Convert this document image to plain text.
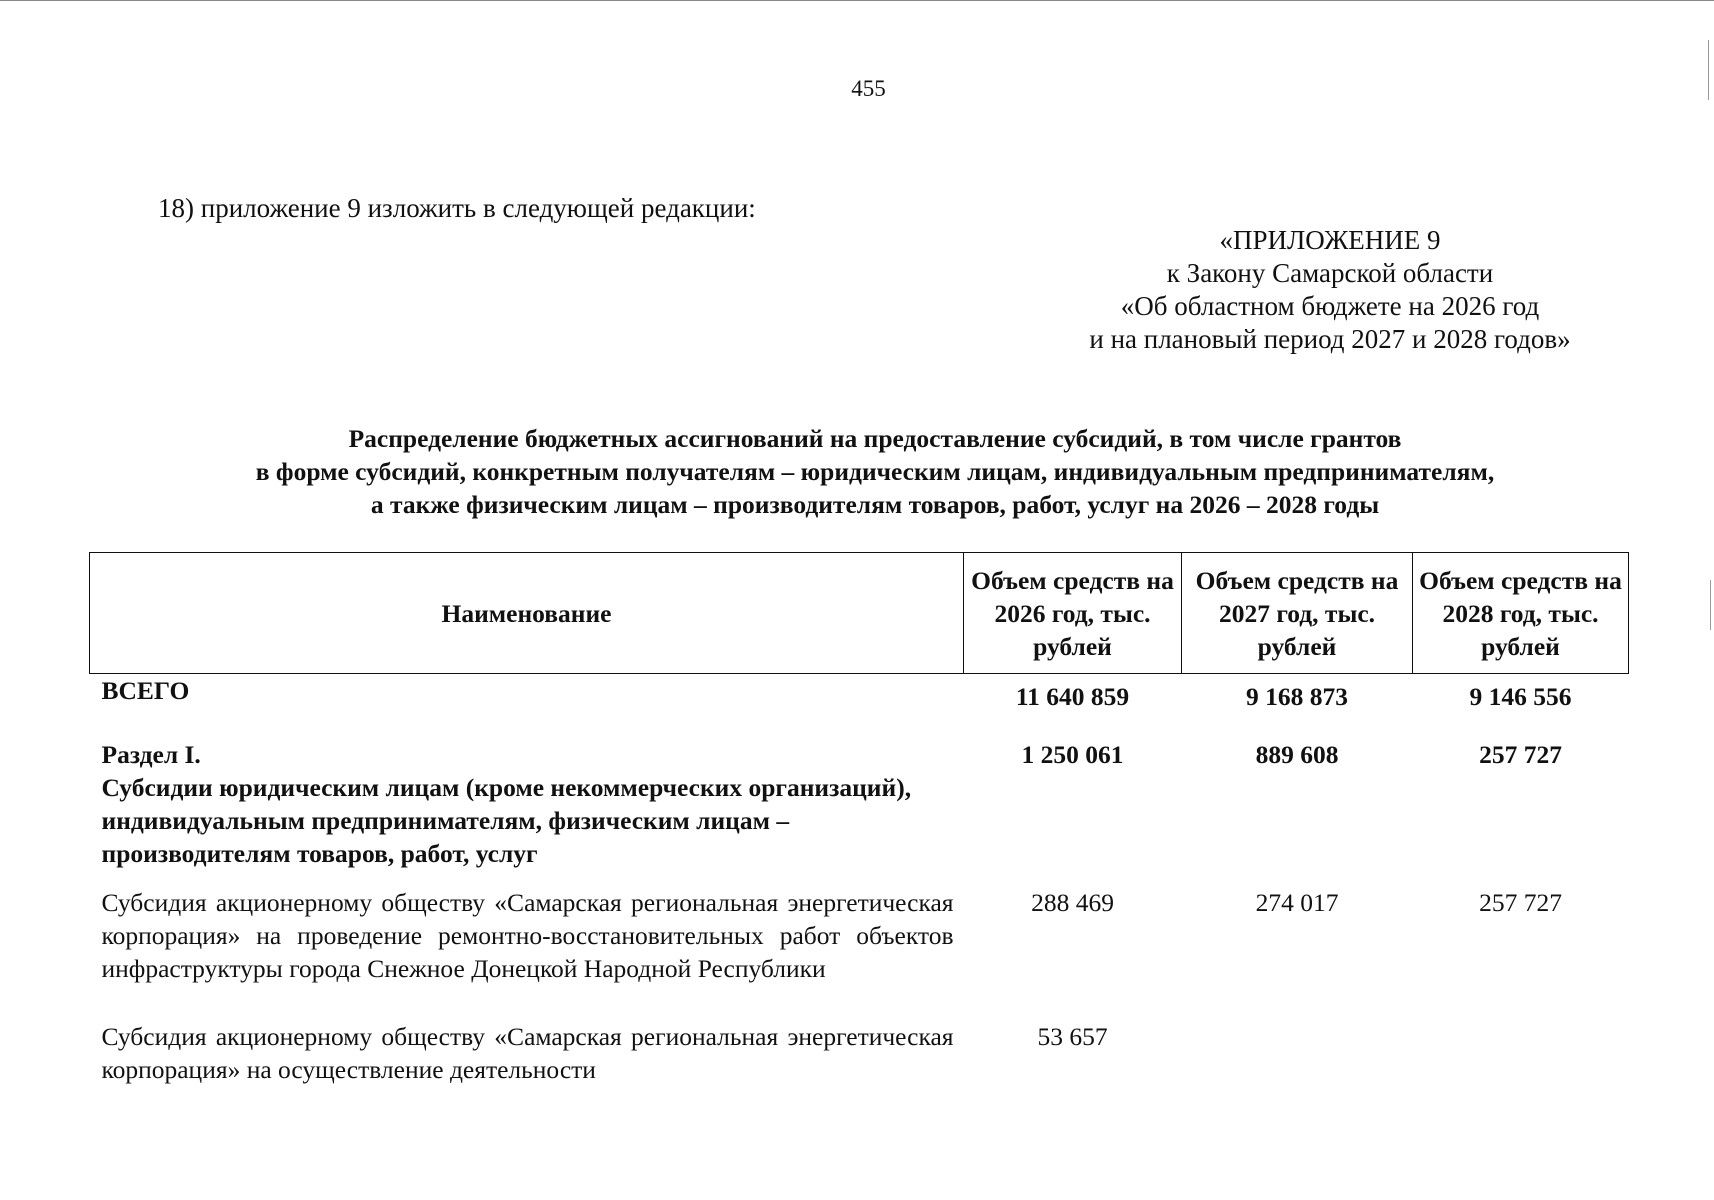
455
18) приложение 9 изложить в следующей редакции:
«ПРИЛОЖЕНИЕ 9
к Закону Самарской области
«Об областном бюджете на 2026 год
и на плановый период 2027 и 2028 годов»
Распределение бюджетных ассигнований на предоставление субсидий, в том числе грантов
в форме субсидий, конкретным получателям – юридическим лицам, индивидуальным предпринимателям,
а также физическим лицам – производителям товаров, работ, услуг на 2026 – 2028 годы
Наименование	Объем средств на 2026 год, тыс. рублей	Объем средств на 2027 год, тыс. рублей	Объем средств на 2028 год, тыс. рублей
ВСЕГО	11 640 859	9 168 873	9 146 556

Раздел I.
Субсидии юридическим лицам (кроме некоммерческих организаций), индивидуальным предпринимателям, физическим лицам – производителям товаров, работ, услуг	1 250 061	889 608	257 727
Субсидия акционерному обществу «Самарская региональная энергетическая корпорация» на проведение ремонтно-восстановительных работ объектов инфраструктуры города Снежное Донецкой Народной Республики	288 469	274 017	257 727
Субсидия акционерному обществу «Самарская региональная энергетическая корпорация» на осуществление деятельности	53 657		
